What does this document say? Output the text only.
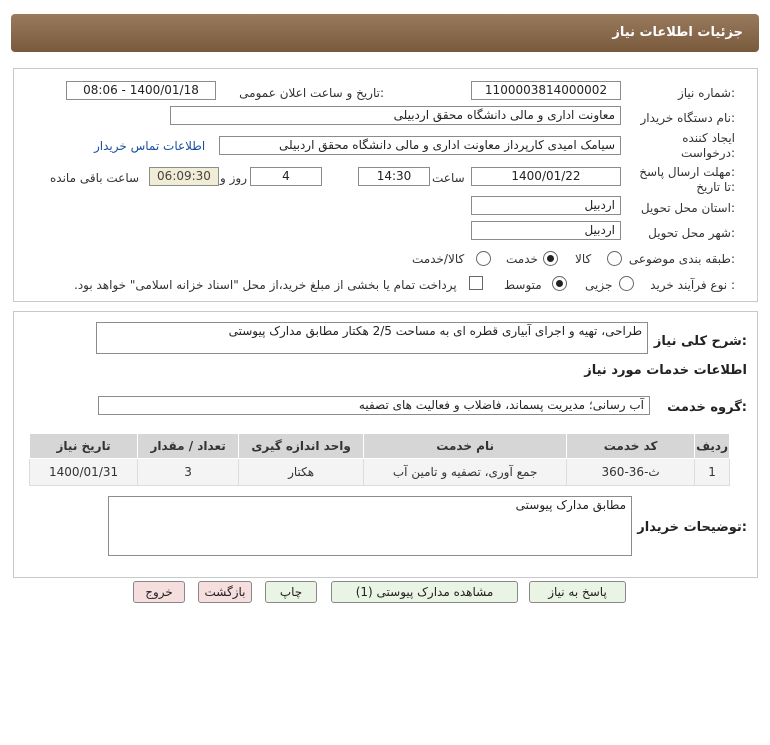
جزئیات اطلاعات نیاز
شماره نیاز:
1100003814000002
تاریخ و ساعت اعلان عمومی:
1400/01/18 - 08:06
نام دستگاه خریدار:
معاونت اداری و مالی دانشگاه محقق اردبیلی
ایجاد کننده
درخواست:
سیامک امیدی کارپرداز معاونت اداری و مالی دانشگاه محقق اردبیلی
اطلاعات تماس خریدار
مهلت ارسال پاسخ:
تا تاریخ:
1400/01/22
ساعت
14:30
4
روز و
06:09:30
ساعت باقی مانده
استان محل تحویل:
اردبیل
شهر محل تحویل:
اردبیل
طبقه بندی موضوعی:
کالا
خدمت
کالا/خدمت
نوع فرآیند خرید :
جزیی
متوسط
پرداخت تمام یا بخشی از مبلغ خرید،از محل "اسناد خزانه اسلامی" خواهد بود.
شرح کلی نیاز:
طراحی، تهیه و اجرای آبیاری قطره ای به مساحت 2/5 هکتار مطابق مدارک پیوستی
اطلاعات خدمات مورد نیاز
گروه خدمت:
آب رسانی؛ مدیریت پسماند، فاضلاب و فعالیت های تصفیه
توضیحات خریدار:
مطابق مدارک پیوستی
ردیف	کد خدمت	نام خدمت	واحد اندازه گیری	تعداد / مقدار	تاریخ نیاز
1	ث-36-360	جمع آوری، تصفیه و تامین آب	هکتار	3	1400/01/31
پاسخ به نیاز
مشاهده مدارک پیوستی (1)
چاپ
بازگشت
خروج
